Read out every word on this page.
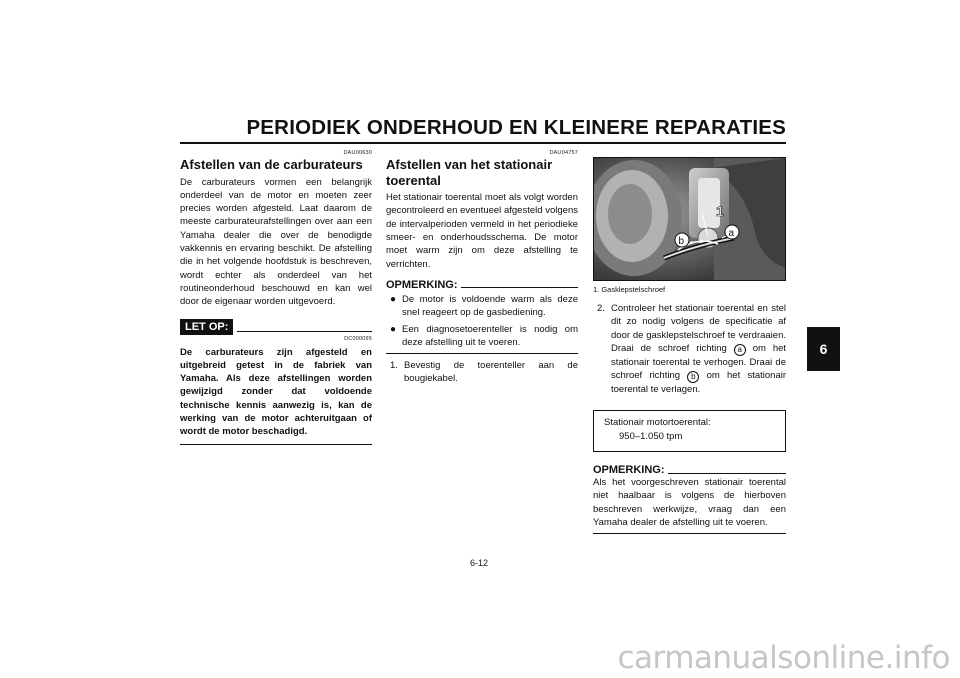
PERIODIEK ONDERHOUD EN KLEINERE REPARATIES
6
DAU00630
Afstellen van de carburateurs

De carburateurs vormen een belangrijk onderdeel van de motor en moeten zeer precies worden afgesteld. Laat daarom de meeste carburateurafstellingen over aan een Yamaha dealer die over de benodigde vakkennis en ervaring beschikt. De afstelling die in het volgende hoofdstuk is beschreven, wordt echter als onderdeel van het routineonderhoud beschouwd en kan wel door de eigenaar worden uitgevoerd.

LET OP:
DC000095
De carburateurs zijn afgesteld en uitgebreid getest in de fabriek van Yamaha. Als deze afstellingen worden gewijzigd zonder dat voldoende technische kennis aanwezig is, kan de werking van de motor achteruitgaan of wordt de motor beschadigd.
DAU04757
Afstellen van het stationair toerental

Het stationair toerental moet als volgt worden gecontroleerd en eventueel afgesteld volgens de intervalperioden vermeld in het periodieke smeer- en onderhoudsschema. De motor moet warm zijn om deze afstelling te verrichten.

OPMERKING:
● De motor is voldoende warm als deze snel reageert op de gasbediening.
● Een diagnosetoerenteller is nodig om deze afstelling uit te voeren.
1. Bevestig de toerenteller aan de bougiekabel.
1
a
b
1. Gasklepstelschroef
2. Controleer het stationair toerental en stel dit zo nodig volgens de specificatie af door de gasklepstelschroef te verdraaien. Draai de schroef richting a om het stationair toerental te verhogen. Draai de schroef richting b om het stationair toerental te verlagen.
Stationair motortoerental:
950–1.050 tpm
OPMERKING:

Als het voorgeschreven stationair toerental niet haalbaar is volgens de hierboven beschreven werkwijze, vraag dan een Yamaha dealer de afstelling uit te voeren.

6-12
carmanualsonline.info
